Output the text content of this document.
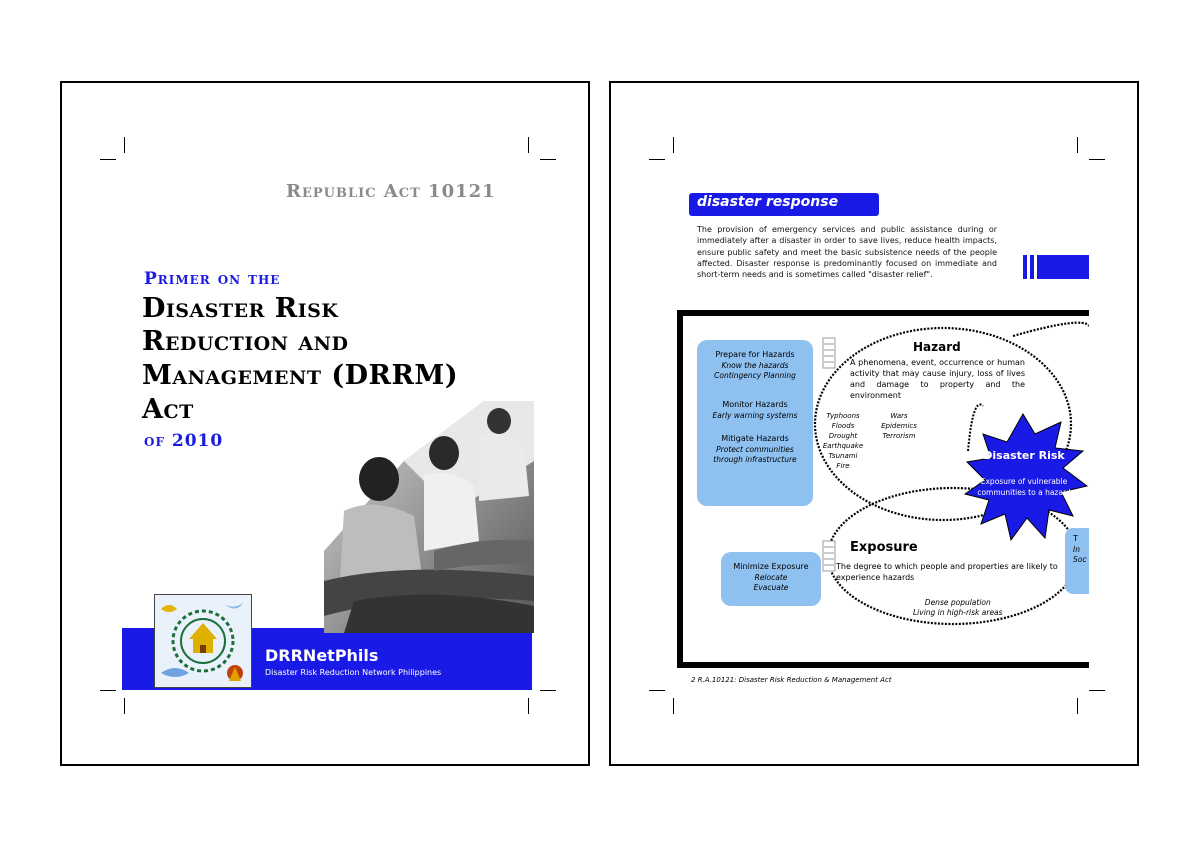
Republic Act 10121
Primer on the
Disaster Risk
Reduction and
Management (DRRM)
Act
of 2010
DRRNetPhils
Disaster Risk Reduction Network Philippines
disaster response
The provision of emergency services and public assistance during or immediately after a disaster in order to save lives, reduce health impacts, ensure public safety and meet the basic subsistence needs of the people affected. Disaster response is predominantly focused on immediate and short-term needs and is sometimes called "disaster relief".
Prepare for Hazards
Know the hazards
Contingency Planning
Monitor Hazards
Early warning systems
Mitigate Hazards
Protect communities
through infrastructure
Hazard
A phenomena, event, occurrence or human activity that may cause injury, loss of lives and damage to property and the environment
Typhoons
Floods
Drought
Earthquake
Tsunami
Fire
Wars
Epidemics
Terrorism
Disaster Risk
Exposure of vulnerable
communities to a hazard
Exposure
The degree to which people and properties are likely to experience hazards
Dense population
Living in high-risk areas
Minimize Exposure
Relocate
Evacuate
T
In
Soc
2 R.A.10121: Disaster Risk Reduction & Management Act
